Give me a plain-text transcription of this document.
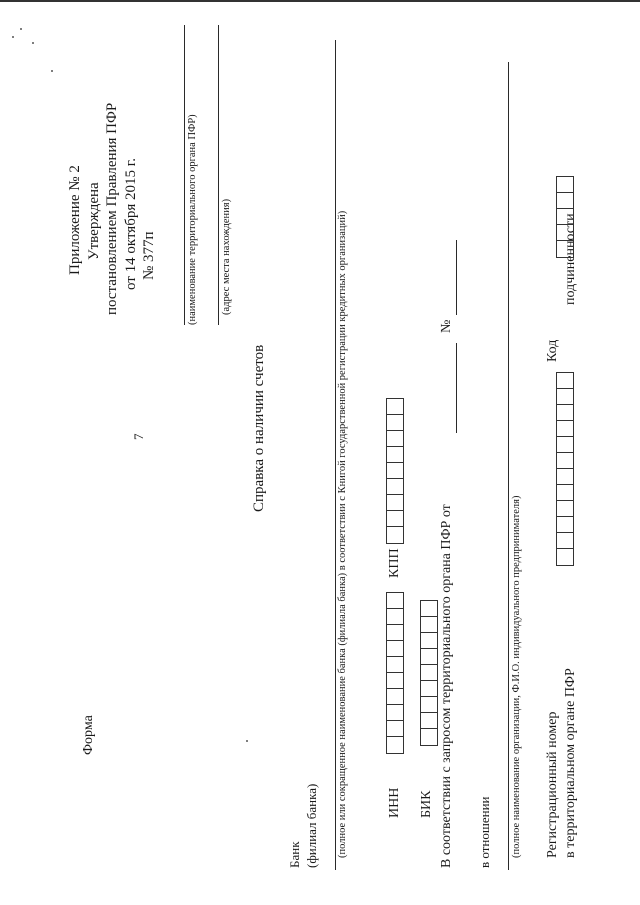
7
Приложение № 2 Утверждена постановлением Правления ПФР от 14 октября 2015 г. № 377п
Форма
(наименование территориального органа ПФР) (адрес места нахождения)
Справка о наличии счетов
Банк (филиал банка) (полное или сокращенное наименование банка (филиала банка) в соответствии с Книгой государственной регистрации кредитных организаций)	ИНН
КПП
БИК В соответствии с запросом территориального органа ПФР от
№
в отношении (полное наименование организации, Ф.И.О. индивидуального предпринимателя) Регистрационный номер в территориальном органе ПФР
Код
подчиненности
